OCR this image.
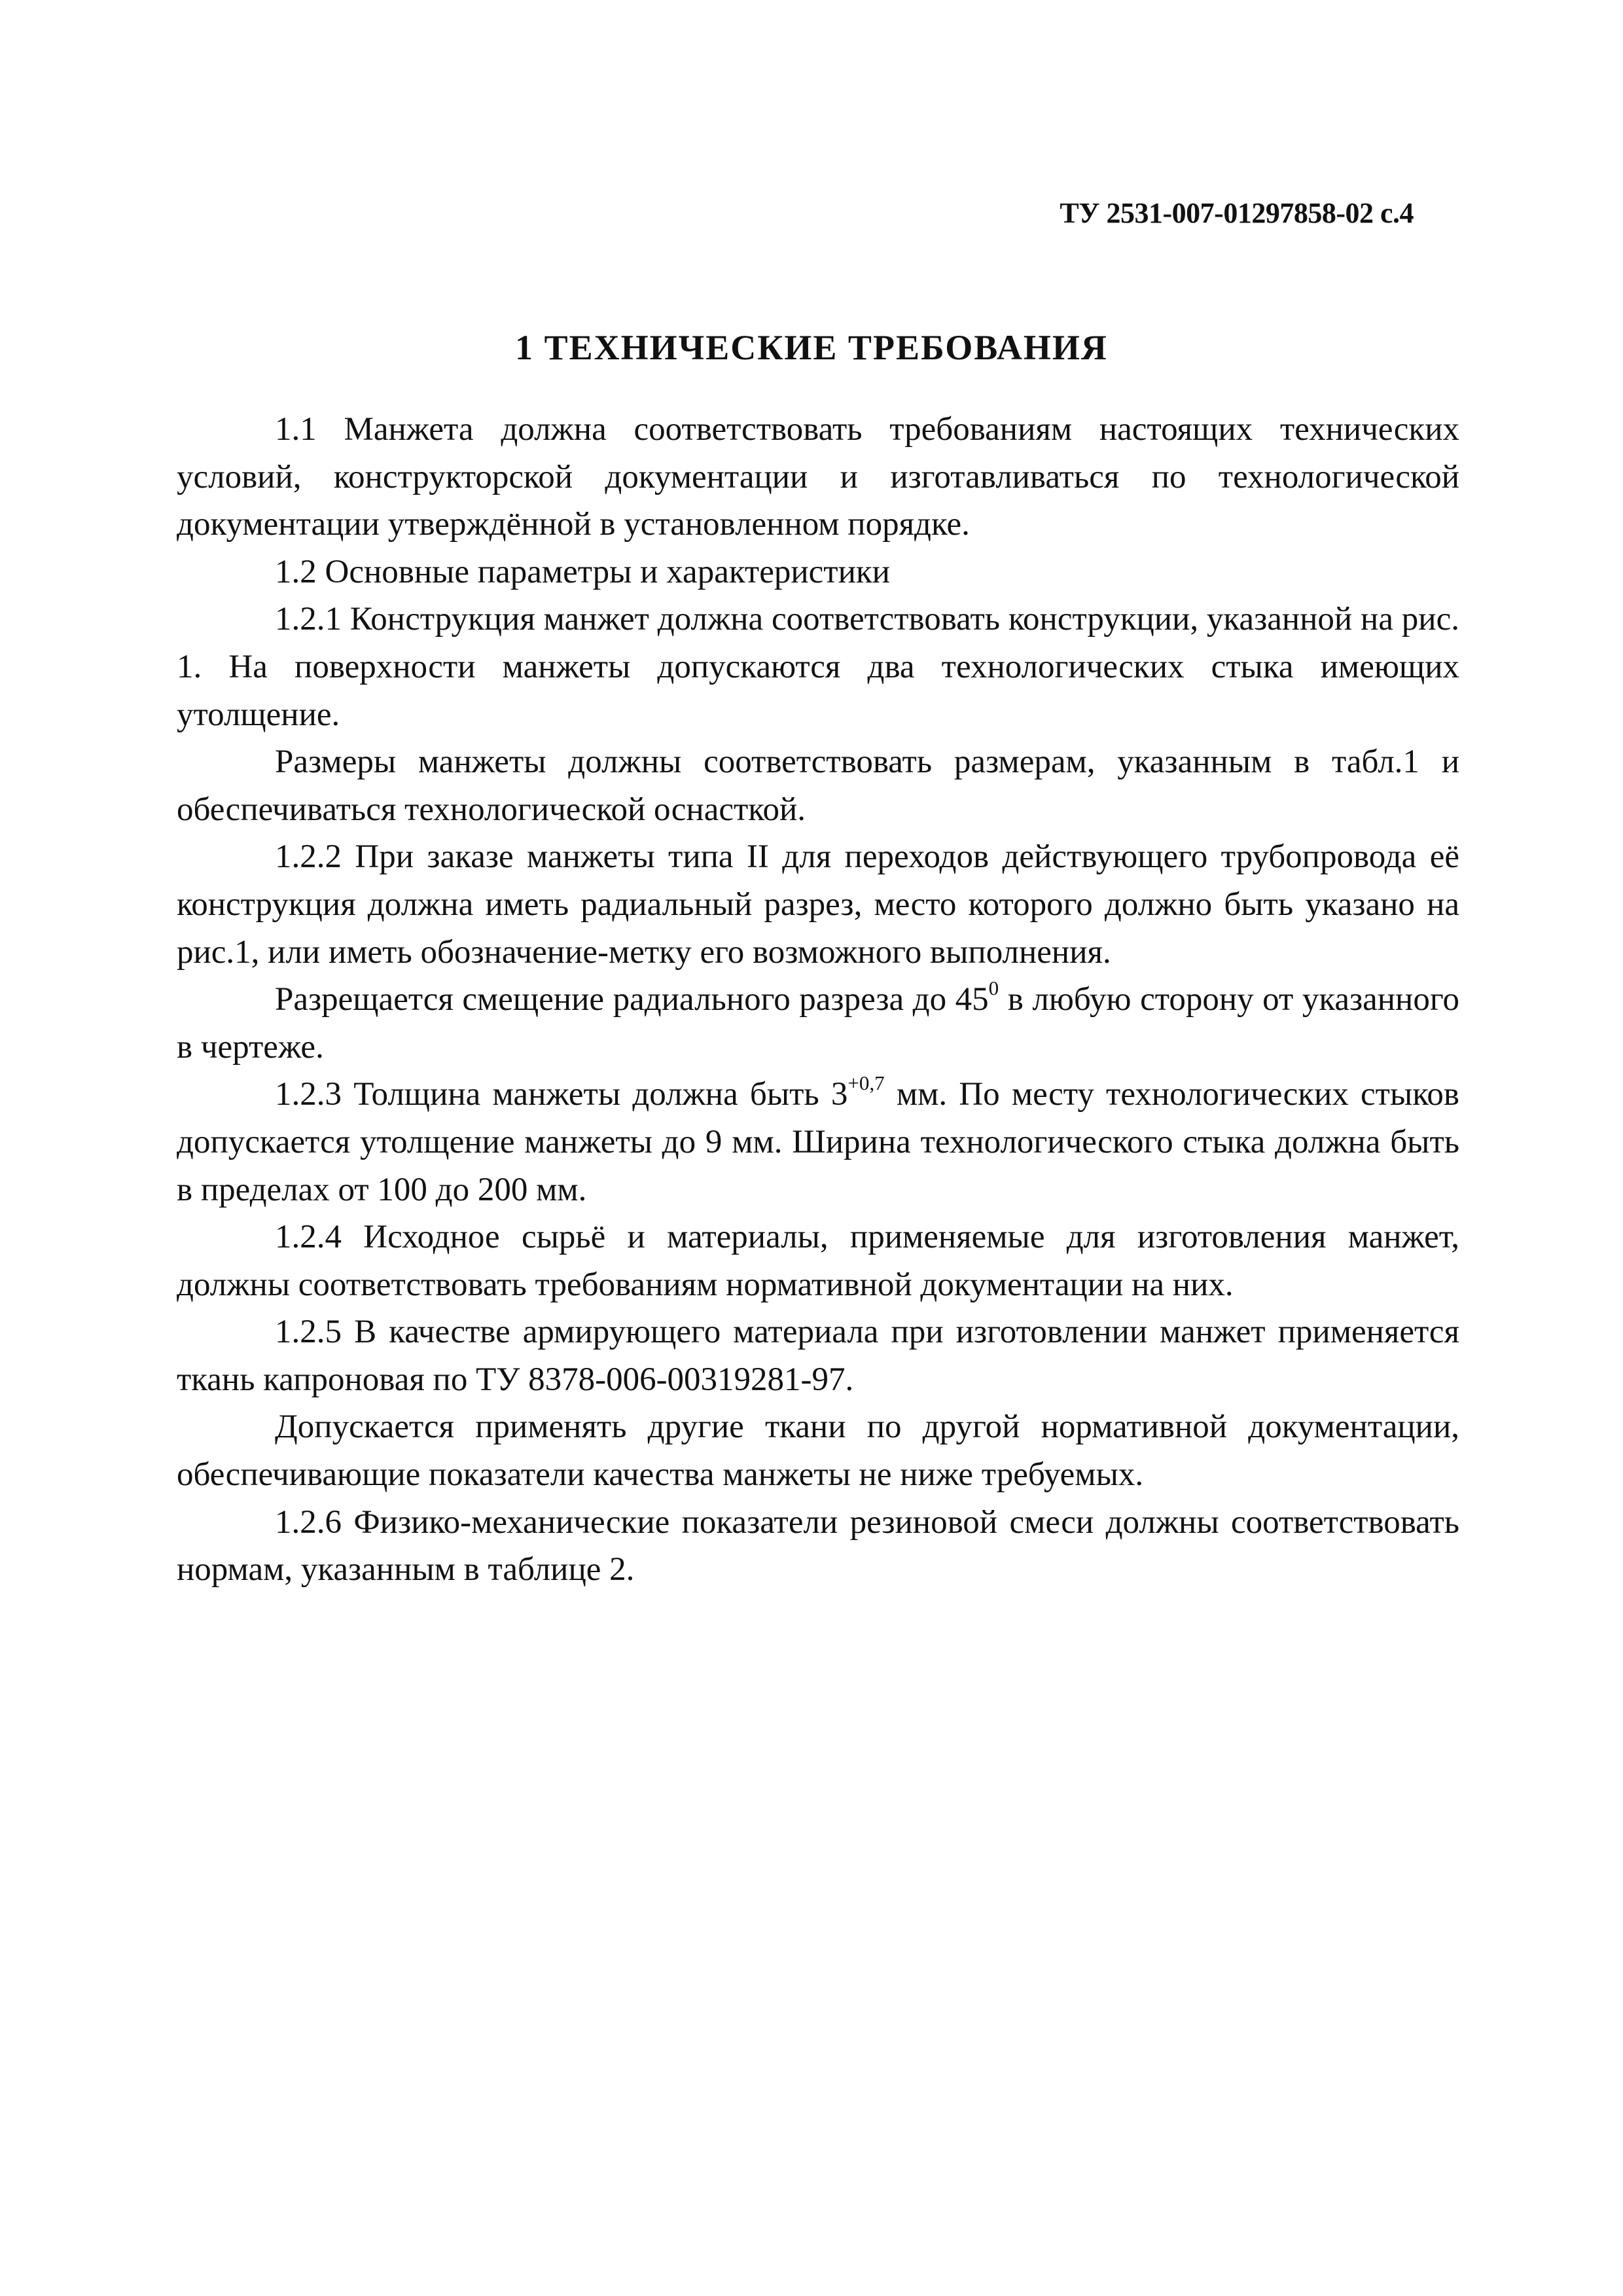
ТУ 2531-007-01297858-02 с.4
1 ТЕХНИЧЕСКИЕ ТРЕБОВАНИЯ

1.1 Манжета должна соответствовать требованиям настоящих технических условий, конструкторской документации и изготавливаться по технологической документации утверждённой в установленном порядке.

1.2 Основные параметры и характеристики

1.2.1 Конструкция манжет должна соответствовать конструкции, указанной на рис. 1. На поверхности манжеты допускаются два технологических стыка имеющих утолщение.

Размеры манжеты должны соответствовать размерам, указанным в табл.1 и обеспечиваться технологической оснасткой.

1.2.2 При заказе манжеты типа II для переходов действующего трубопровода её конструкция должна иметь радиальный разрез, место которого должно быть указано на рис.1, или иметь обозначение-метку его возможного выполнения.

Разрещается смещение радиального разреза до $45^0$ в любую сторону от указанного в чертеже.

1.2.3 Толщина манжеты должна быть $3^{+0,7}$ мм. По месту технологических стыков допускается утолщение манжеты до 9 мм. Ширина технологического стыка должна быть в пределах от 100 до 200 мм.

1.2.4 Исходное сырьё и материалы, применяемые для изготовления манжет, должны соответствовать требованиям нормативной документации на них.

1.2.5 В качестве армирующего материала при изготовлении манжет применяется ткань капроновая по ТУ 8378-006-00319281-97.

Допускается применять другие ткани по другой нормативной документации, обеспечивающие показатели качества манжеты не ниже требуемых.

1.2.6 Физико-механические показатели резиновой смеси должны соответствовать нормам, указанным в таблице 2.
